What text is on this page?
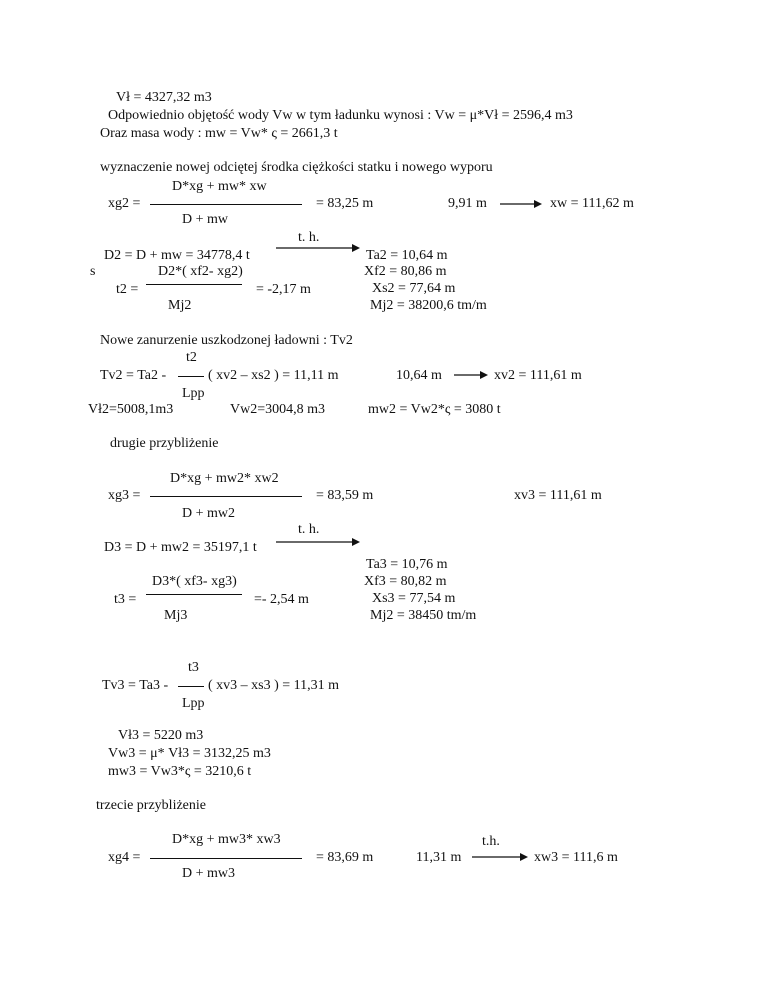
Vł = 4327,32 m3
Odpowiednio objętość wody Vw w tym ładunku wynosi : Vw = μ*Vł = 2596,4 m3
Oraz masa wody : mw = Vw* ς = 2661,3 t
wyznaczenie nowej odciętej środka ciężkości statku i nowego wyporu
xg2 =
D*xg + mw* xw
D + mw
= 83,25 m	9,91 m	xw = 111,62 m
t. h.
D2 = D + mw = 34778,4 t	Ta2 = 10,64 m
s	D2*( xf2- xg2)	Xf2 = 80,86 m
t2 =	= -2,17 m	Xs2 = 77,64 m
Mj2	Mj2 = 38200,6 tm/m
Nowe zanurzenie uszkodzonej ładowni : Tv2
t2
Tv2 = Ta2 -	( xv2 – xs2 ) = 11,11 m	10,64 m	xv2 = 111,61 m
Lpp
Vł2=5008,1m3	Vw2=3004,8 m3	mw2 = Vw2*ς = 3080 t
drugie przybliżenie
D*xg + mw2* xw2
xg3 =	= 83,59 m	xv3 = 111,61 m
D + mw2
t. h.
D3 = D + mw2 = 35197,1 t
Ta3 = 10,76 m
D3*( xf3- xg3)	Xf3 = 80,82 m
t3 =	=- 2,54 m	Xs3 = 77,54 m
Mj3	Mj2 = 38450 tm/m
t3
Tv3 = Ta3 -	( xv3 – xs3 ) = 11,31 m
Lpp
Vł3 = 5220 m3
Vw3 = μ* Vł3 = 3132,25 m3
mw3 = Vw3*ς = 3210,6 t
trzecie przybliżenie
D*xg + mw3* xw3	t.h.
xg4 =	= 83,69 m	11,31 m	xw3 = 111,6 m
D + mw3
